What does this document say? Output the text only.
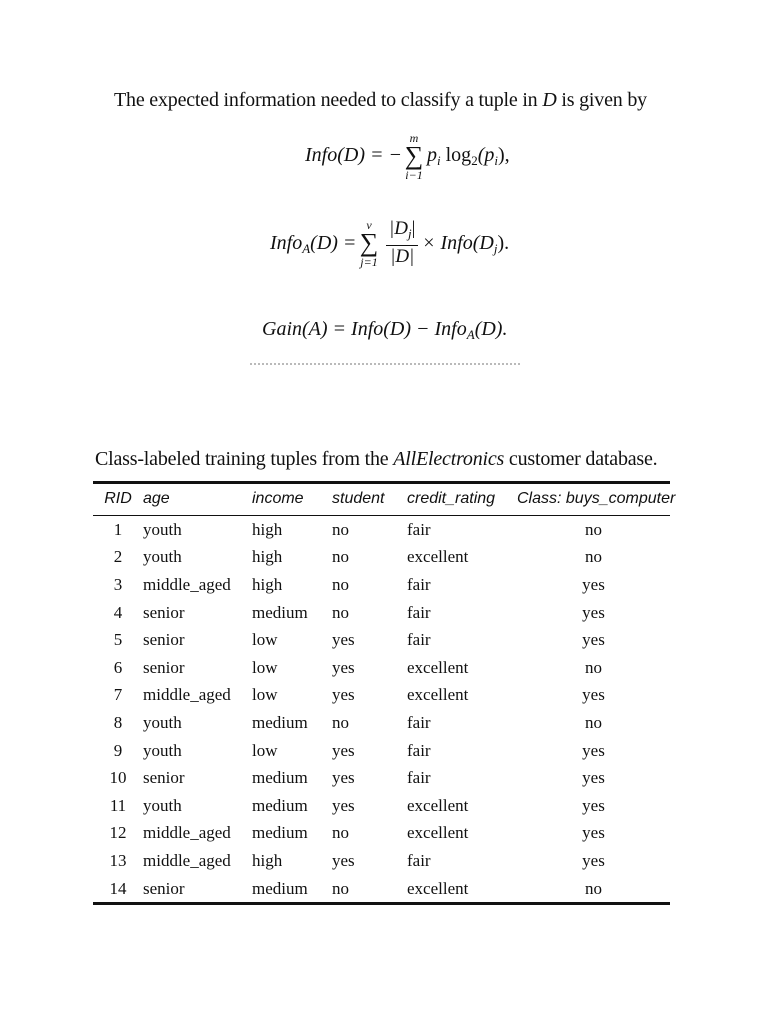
The expected information needed to classify a tuple in D is given by
Info(D) = −
m
∑
i−1
$p_i$ $\log_2(p_i)$,
Info$_A$(D) =
v
∑
$j=1 \frac{|D_j|}{|D|}$ × $Info(D_j)$.
Gain(A) = Info(D) − Info$_A$(D).
Class-labeled training tuples from the AllElectronics customer database.
RID	age	income	student	credit_rating	Class: buys_computer
1	youth	high	no	fair	no
2	youth	high	no	excellent	no
3	middle_aged	high	no	fair	yes
4	senior	medium	no	fair	yes
5	senior	low	yes	fair	yes
6	senior	low	yes	excellent	no
7	middle_aged	low	yes	excellent	yes
8	youth	medium	no	fair	no
9	youth	low	yes	fair	yes
10	senior	medium	yes	fair	yes
11	youth	medium	yes	excellent	yes
12	middle_aged	medium	no	excellent	yes
13	middle_aged	high	yes	fair	yes
14	senior	medium	no	excellent	no
